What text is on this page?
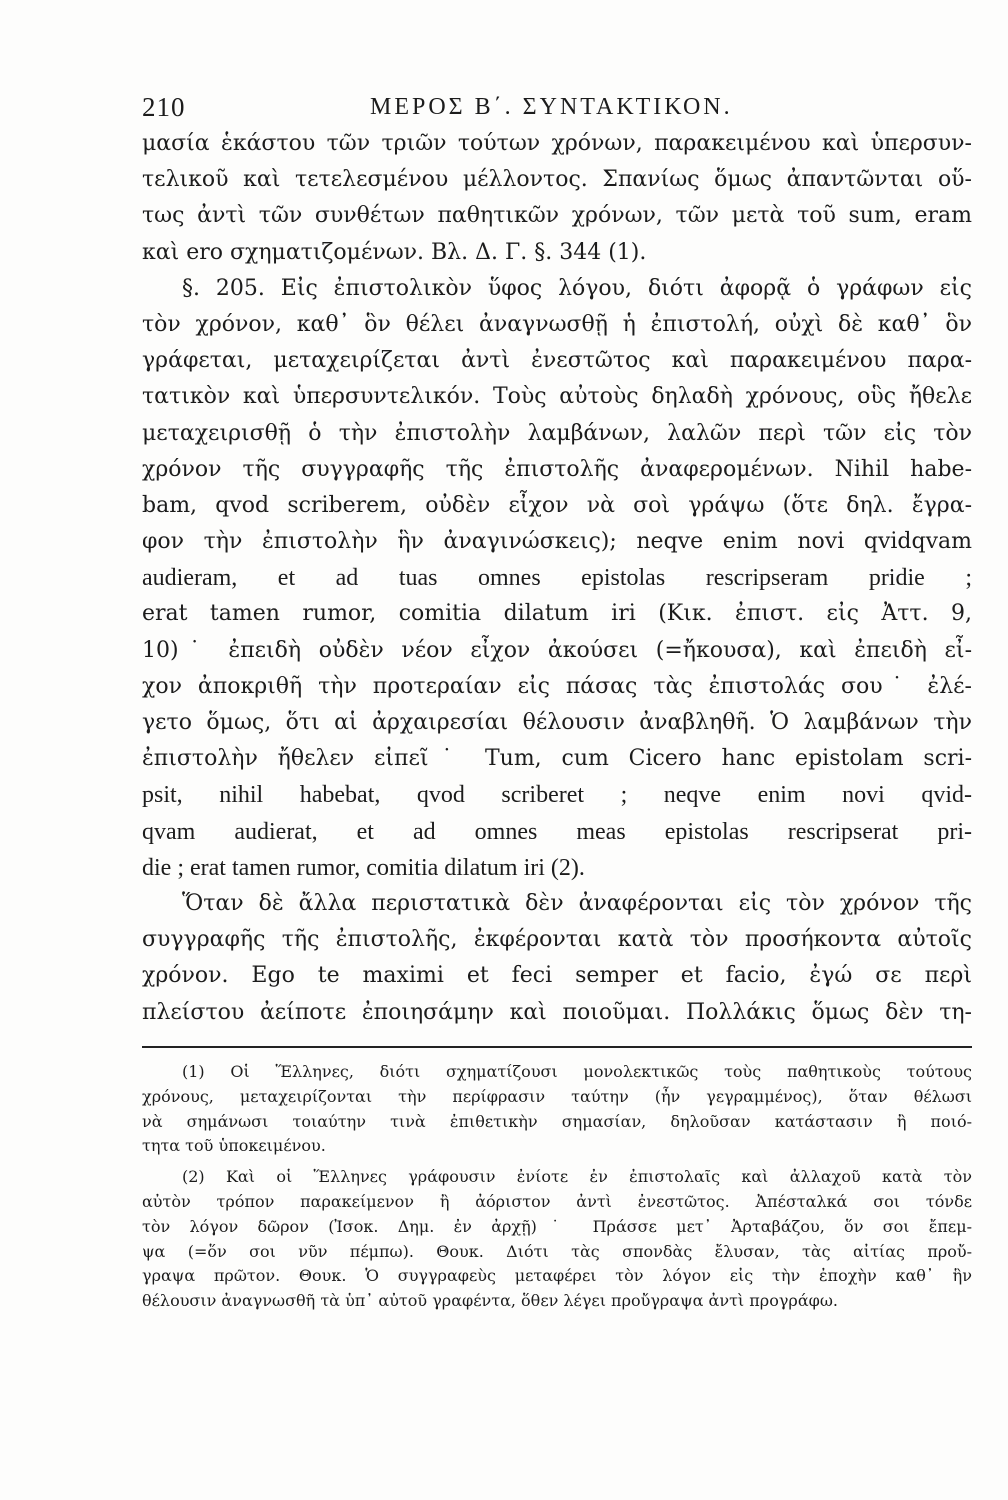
210	ΜΕΡΟΣ Β΄. ΣΥΝΤΑΚΤΙΚΟΝ.
μασία ἑκάστου τῶν τριῶν τούτων χρόνων, παρακειμένου καὶ ὑπερσυν-
τελικοῦ καὶ τετελεσμένου μέλλοντος. Σπανίως ὅμως ἀπαντῶνται οὕ-
τως ἀντὶ τῶν συνθέτων παθητικῶν χρόνων, τῶν μετὰ τοῦ sum, eram
καὶ ero σχηματιζομένων. Βλ. Δ. Γ. §. 344 (1).
§. 205. Εἰς ἐπιστολικὸν ὕφος λόγου, διότι ἀφορᾷ ὁ γράφων εἰς
τὸν χρόνον, καθ᾿ ὃν θέλει ἀναγνωσθῇ ἡ ἐπιστολή, οὐχὶ δὲ καθ᾿ ὃν
γράφεται, μεταχειρίζεται ἀντὶ ἐνεστῶτος καὶ παρακειμένου παρα-
τατικὸν καὶ ὑπερσυντελικόν. Τοὺς αὐτοὺς δηλαδὴ χρόνους, οὓς ἤθελε
μεταχειρισθῇ ὁ τὴν ἐπιστολὴν λαμβάνων, λαλῶν περὶ τῶν εἰς τὸν
χρόνον τῆς συγγραφῆς τῆς ἐπιστολῆς ἀναφερομένων. Nihil habe-
bam, qvod scriberem, οὐδὲν εἶχον νὰ σοὶ γράψω (ὅτε δηλ. ἔγρα-
φον τὴν ἐπιστολὴν ἣν ἀναγινώσκεις); neqve enim novi qvidqvam
audieram, et ad tuas omnes epistolas rescripseram pridie ;
erat tamen rumor, comitia dilatum iri (Κικ. ἐπιστ. εἰς Ἀττ. 9,
10)˙ ἐπειδὴ οὐδὲν νέον εἶχον ἀκούσει (=ἤκουσα), καὶ ἐπειδὴ εἶ-
χον ἀποκριθῆ τὴν προτεραίαν εἰς πάσας τὰς ἐπιστολάς σου˙ ἐλέ-
γετο ὅμως, ὅτι αἱ ἀρχαιρεσίαι θέλουσιν ἀναβληθῆ. Ὁ λαμβάνων τὴν
ἐπιστολὴν ἤθελεν εἰπεῖ˙ Tum, cum Cicero hanc epistolam scri-
psit, nihil habebat, qvod scriberet ; neqve enim novi qvid-
qvam audierat, et ad omnes meas epistolas rescripserat pri-
die ; erat tamen rumor, comitia dilatum iri (2).
Ὅταν δὲ ἄλλα περιστατικὰ δὲν ἀναφέρονται εἰς τὸν χρόνον τῆς
συγγραφῆς τῆς ἐπιστολῆς, ἐκφέρονται κατὰ τὸν προσήκοντα αὐτοῖς
χρόνον. Ego te maximi et feci semper et facio, ἐγώ σε περὶ
πλείστου ἀείποτε ἐποιησάμην καὶ ποιοῦμαι. Πολλάκις ὅμως δὲν τη-
(1) Οἱ Ἕλληνες, διότι σχηματίζουσι μονολεκτικῶς τοὺς παθητικοὺς τούτους
χρόνους, μεταχειρίζονται τὴν περίφρασιν ταύτην (ἦν γεγραμμένος), ὅταν θέλωσι
νὰ σημάνωσι τοιαύτην τινὰ ἐπιθετικὴν σημασίαν, δηλοῦσαν κατάστασιν ἢ ποιό-
τητα τοῦ ὑποκειμένου.
(2) Καὶ οἱ Ἕλληνες γράφουσιν ἐνίοτε ἐν ἐπιστολαῖς καὶ ἀλλαχοῦ κατὰ τὸν
αὐτὸν τρόπον παρακείμενον ἢ ἀόριστον ἀντὶ ἐνεστῶτος. Ἀπέσταλκά σοι τόνδε
τὸν λόγον δῶρον (Ἰσοκ. Δημ. ἐν ἀρχῇ)˙ Πράσσε μετ᾿ Ἀρταβάζου, ὅν σοι ἔπεμ-
ψα (=ὅν σοι νῦν πέμπω). Θουκ. Διότι τὰς σπονδὰς ἔλυσαν, τὰς αἰτίας προὔ-
γραψα πρῶτον. Θουκ. Ὁ συγγραφεὺς μεταφέρει τὸν λόγον εἰς τὴν ἐποχὴν καθ᾿ ἣν
θέλουσιν ἀναγνωσθῆ τὰ ὑπ᾿ αὐτοῦ γραφέντα, ὅθεν λέγει προὔγραψα ἀντὶ προγράφω.
